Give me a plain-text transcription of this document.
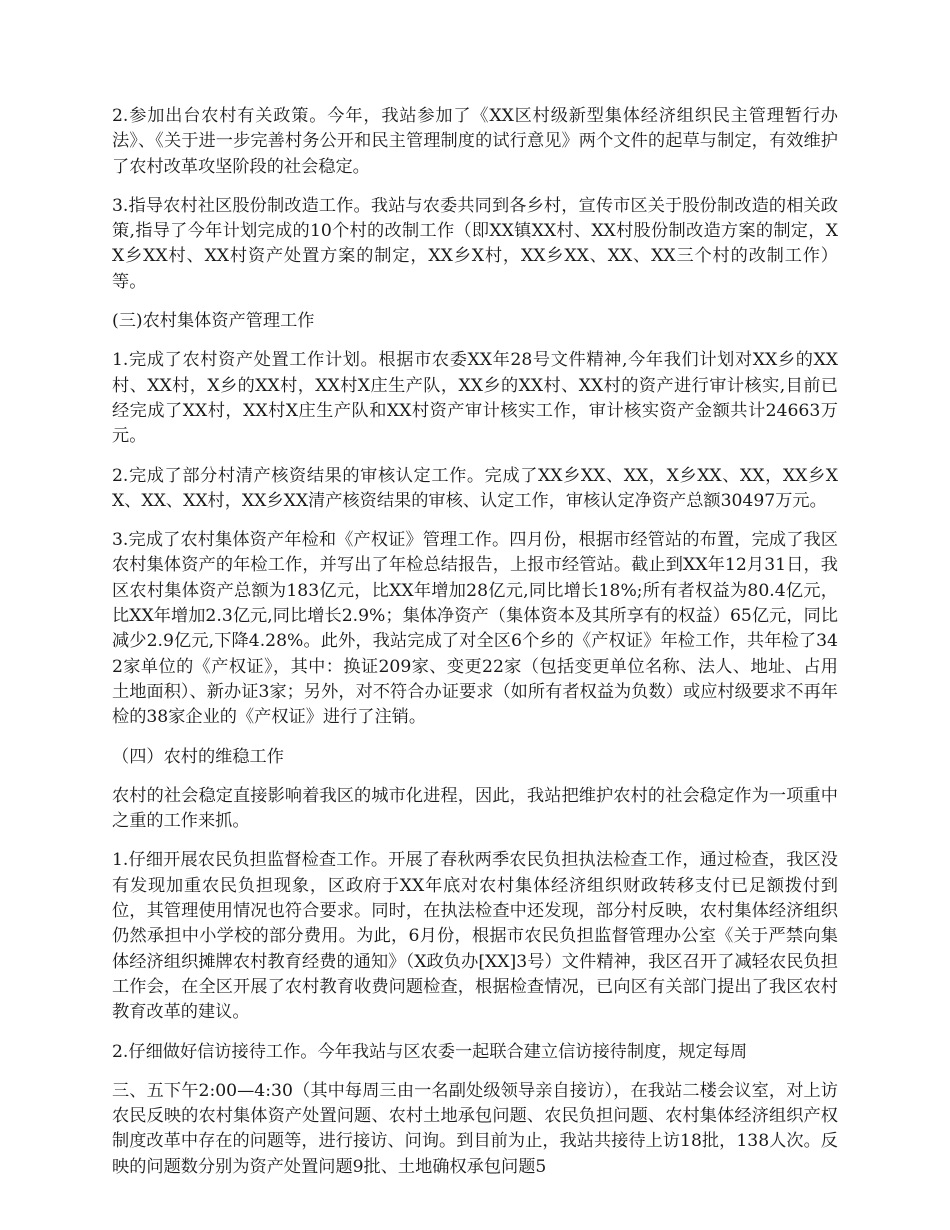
2.参加出台农村有关政策。今年，我站参加了《XX区村级新型集体经济组织民主管理暂行办法》、《关于进一步完善村务公开和民主管理制度的试行意见》两个文件的起草与制定，有效维护了农村改革攻坚阶段的社会稳定。

3.指导农村社区股份制改造工作。我站与农委共同到各乡村，宣传市区关于股份制改造的相关政策,指导了今年计划完成的10个村的改制工作（即XX镇XX村、XX村股份制改造方案的制定，XX乡XX村、XX村资产处置方案的制定，XX乡X村，XX乡XX、XX、XX三个村的改制工作）等。

(三)农村集体资产管理工作

1.完成了农村资产处置工作计划。根据市农委XX年28号文件精神,今年我们计划对XX乡的XX村、XX村，X乡的XX村，XX村X庄生产队，XX乡的XX村、XX村的资产进行审计核实,目前已经完成了XX村，XX村X庄生产队和XX村资产审计核实工作，审计核实资产金额共计24663万元。

2.完成了部分村清产核资结果的审核认定工作。完成了XX乡XX、XX，X乡XX、XX，XX乡XX、XX、XX村，XX乡XX清产核资结果的审核、认定工作，审核认定净资产总额30497万元。

3.完成了农村集体资产年检和《产权证》管理工作。四月份，根据市经管站的布置，完成了我区农村集体资产的年检工作，并写出了年检总结报告，上报市经管站。截止到XX年12月31日，我区农村集体资产总额为183亿元，比XX年增加28亿元,同比增长18%;所有者权益为80.4亿元，比XX年增加2.3亿元,同比增长2.9%；集体净资产（集体资本及其所享有的权益）65亿元，同比减少2.9亿元,下降4.28%。此外，我站完成了对全区6个乡的《产权证》年检工作，共年检了342家单位的《产权证》，其中：换证209家、变更22家（包括变更单位名称、法人、地址、占用土地面积）、新办证3家；另外，对不符合办证要求（如所有者权益为负数）或应村级要求不再年检的38家企业的《产权证》进行了注销。

（四）农村的维稳工作

农村的社会稳定直接影响着我区的城市化进程，因此，我站把维护农村的社会稳定作为一项重中之重的工作来抓。

1.仔细开展农民负担监督检查工作。开展了春秋两季农民负担执法检查工作，通过检查，我区没有发现加重农民负担现象，区政府于XX年底对农村集体经济组织财政转移支付已足额拨付到位，其管理使用情况也符合要求。同时，在执法检查中还发现，部分村反映，农村集体经济组织仍然承担中小学校的部分费用。为此，6月份，根据市农民负担监督管理办公室《关于严禁向集体经济组织摊牌农村教育经费的通知》（X政负办[XX]3号）文件精神，我区召开了减轻农民负担工作会，在全区开展了农村教育收费问题检查，根据检查情况，已向区有关部门提出了我区农村教育改革的建议。

2.仔细做好信访接待工作。今年我站与区农委一起联合建立信访接待制度，规定每周

三、五下午2:00—4:30（其中每周三由一名副处级领导亲自接访），在我站二楼会议室，对上访农民反映的农村集体资产处置问题、农村土地承包问题、农民负担问题、农村集体经济组织产权制度改革中存在的问题等，进行接访、问询。到目前为止，我站共接待上访18批，138人次。反映的问题数分别为资产处置问题9批、土地确权承包问题5
